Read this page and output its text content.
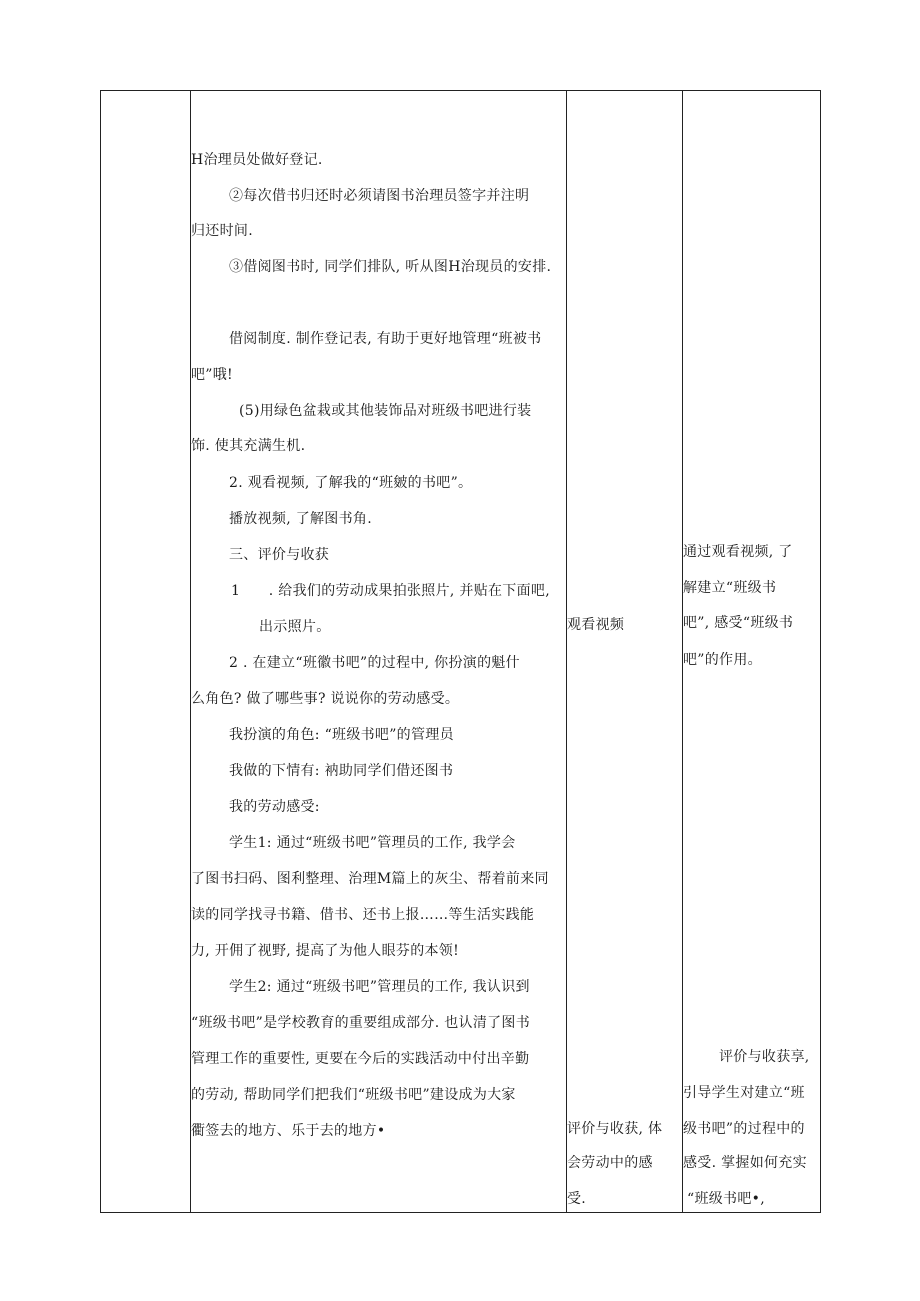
H治理员处做好登记.
②每次借书归还时必须请图书治理员签字并注明
归还时间.
③借阅图书时, 同学们排队, 听从图H治现员的安排.
借阅制度. 制作登记表, 有助于更好地管理“班被书
吧”哦!
(5)用绿色盆栽或其他装饰品对班级书吧进行装
饰. 使其充满生机.
2. 观看视频, 了解我的“班皴的书吧”。
播放视频, 了解图书角.
三、评价与收获
1　　. 给我们的劳动成果拍张照片, 并贴在下面吧,
出示照片。
2 . 在建立“班徽书吧”的过程中, 你扮演的魁什
么角色? 做了哪些事? 说说你的劳动感受。
我扮演的角色: “班级书吧”的管理员
我做的下情有: 衲助同学们借还图书
我的劳动感受:
学生1: 通过“班级书吧”管理员的工作, 我学会
了图书扫码、图利整理、治理M篇上的灰尘、帮着前来同
读的同学找寻书籍、借书、还书上报……等生活实践能
力, 开佣了视野, 提高了为他人眼芬的本领!
学生2: 通过“班级书吧”管理员的工作, 我认识到
“班级书吧”是学校教育的重要组成部分. 也认清了图书
管理工作的重要性, 更要在今后的实践活动中付出辛勤
的劳动, 帮助同学们把我们“班级书吧”建设成为大家
衢签去的地方、乐于去的地方•
观看视频
评价与收获, 体
会劳动中的感
受.
通过观看视频, 了
解建立“班级书
吧”, 感受“班级书
吧”的作用。
评价与收获享,
引导学生对建立“班
级书吧”的过程中的
感受. 掌握如何充实
“班级书吧•,
